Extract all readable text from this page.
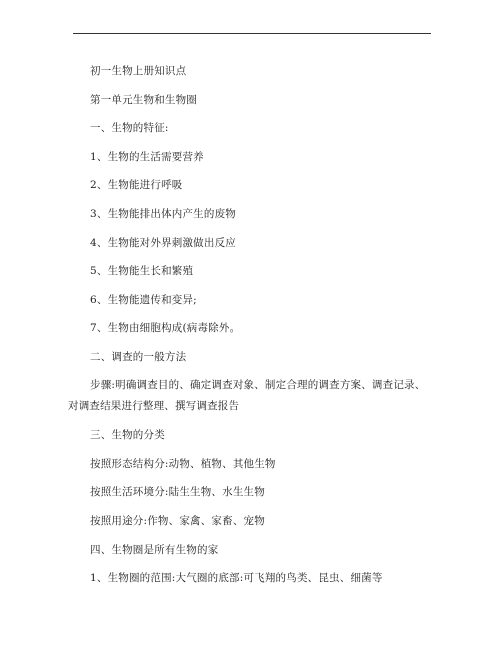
初一生物上册知识点
第一单元生物和生物圈
一、生物的特征:
1、生物的生活需要营养
2、生物能进行呼吸
3、生物能排出体内产生的废物
4、生物能对外界刺激做出反应
5、生物能生长和繁殖
6、生物能遗传和变异;
7、生物由细胞构成(病毒除外。
二、调查的一般方法
步骤:明确调查目的、确定调查对象、制定合理的调查方案、调查记录、对调查结果进行整理、撰写调查报告
三、生物的分类
按照形态结构分:动物、植物、其他生物
按照生活环境分:陆生生物、水生生物
按照用途分:作物、家禽、家畜、宠物
四、生物圈是所有生物的家
1、生物圈的范围:大气圈的底部:可飞翔的鸟类、昆虫、细菌等
